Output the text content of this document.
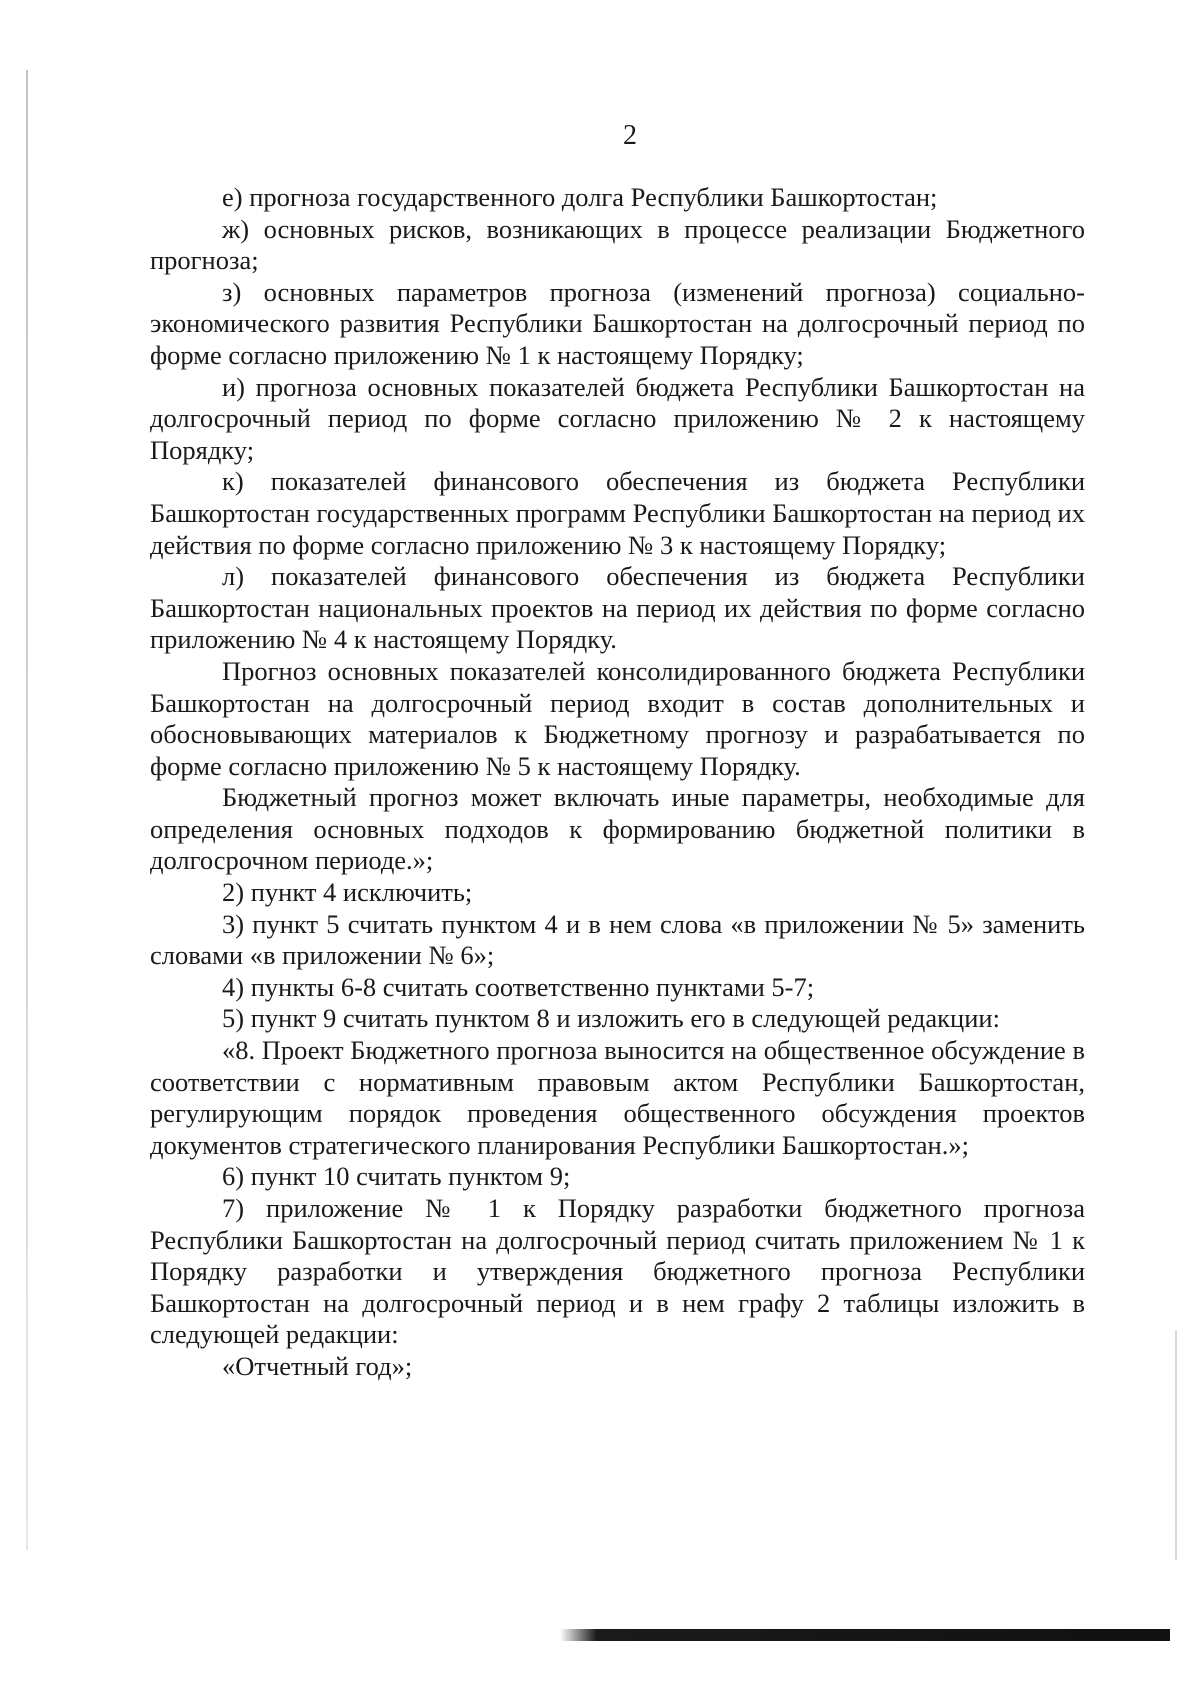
2

е) прогноза государственного долга Республики Башкортостан;

ж) основных рисков, возникающих в процессе реализации Бюджетного прогноза;

з) основных параметров прогноза (изменений прогноза) социально-экономического развития Республики Башкортостан на долгосрочный период по форме согласно приложению № 1 к настоящему Порядку;

и) прогноза основных показателей бюджета Республики Башкортостан на долгосрочный период по форме согласно приложению № 2 к настоящему Порядку;

к) показателей финансового обеспечения из бюджета Республики Башкортостан государственных программ Республики Башкортостан на период их действия по форме согласно приложению № 3 к настоящему Порядку;

л) показателей финансового обеспечения из бюджета Республики Башкортостан национальных проектов на период их действия по форме согласно приложению № 4 к настоящему Порядку.

Прогноз основных показателей консолидированного бюджета Республики Башкортостан на долгосрочный период входит в состав дополнительных и обосновывающих материалов к Бюджетному прогнозу и разрабатывается по форме согласно приложению № 5 к настоящему Порядку.

Бюджетный прогноз может включать иные параметры, необходимые для определения основных подходов к формированию бюджетной политики в долгосрочном периоде.»;

2) пункт 4 исключить;

3) пункт 5 считать пунктом 4 и в нем слова «в приложении № 5» заменить словами «в приложении № 6»;

4) пункты 6-8 считать соответственно пунктами 5-7;

5) пункт 9 считать пунктом 8 и изложить его в следующей редакции:

«8. Проект Бюджетного прогноза выносится на общественное обсуждение в соответствии с нормативным правовым актом Республики Башкортостан, регулирующим порядок проведения общественного обсуждения проектов документов стратегического планирования Республики Башкортостан.»;

6) пункт 10 считать пунктом 9;

7) приложение № 1 к Порядку разработки бюджетного прогноза Республики Башкортостан на долгосрочный период считать приложением № 1 к Порядку разработки и утверждения бюджетного прогноза Республики Башкортостан на долгосрочный период и в нем графу 2 таблицы изложить в следующей редакции:

«Отчетный год»;
